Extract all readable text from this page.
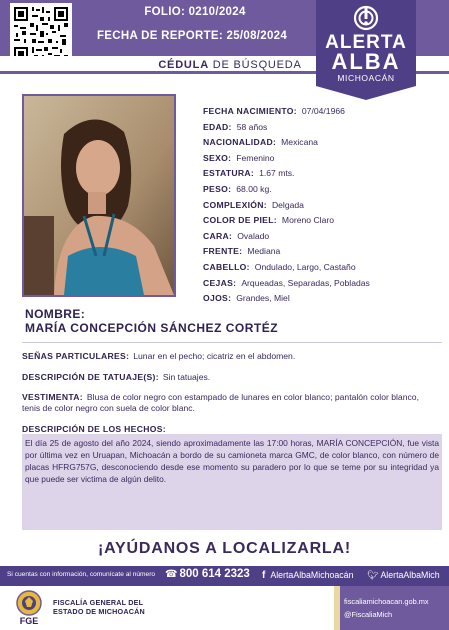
FOLIO: 0210/2024
FECHA DE REPORTE: 25/08/2024
CÉDULA DE BÚSQUEDA
ALERTA
ALBA
MICHOACÁN
FECHA NACIMIENTO: 07/04/1966
EDAD: 58 años
NACIONALIDAD: Mexicana
SEXO: Femenino
ESTATURA: 1.67 mts.
PESO: 68.00 kg.
COMPLEXIÓN: Delgada
COLOR DE PIEL: Moreno Claro
CARA: Ovalado
FRENTE: Mediana
CABELLO: Ondulado, Largo, Castaño
CEJAS: Arqueadas, Separadas, Pobladas
OJOS: Grandes, Miel
NOMBRE:
MARÍA CONCEPCIÓN SÁNCHEZ CORTÉZ
SEÑAS PARTICULARES: Lunar en el pecho; cicatriz en el abdomen.
DESCRIPCIÓN DE TATUAJE(S): Sin tatuajes.
VESTIMENTA: Blusa de color negro con estampado de lunares en color blanco; pantalón color blanco,
tenis de color negro con suela de color blanc.
DESCRIPCIÓN DE LOS HECHOS:
El día 25 de agosto del año 2024, siendo aproximadamente las 17:00 horas, MARÍA CONCEPCIÓN, fue vista por última vez en Uruapan, Michoacán a bordo de su camioneta marca GMC, de color blanco, con número de placas HFRG757G, desconociendo desde ese momento su paradero por lo que se teme por su integridad ya que puede ser victima de algún delito.
¡AYÚDANOS A LOCALIZARLA!
Si cuentas con información, comunícate al número ☎ 800 614 2323 f AlertaAlbaMichoacán 🐦︎ AlertaAlbaMich
FGE
FISCALÍA GENERAL DEL
ESTADO DE MICHOACÁN
fiscaliamichoacan.gob.mx
@FiscaliaMich
